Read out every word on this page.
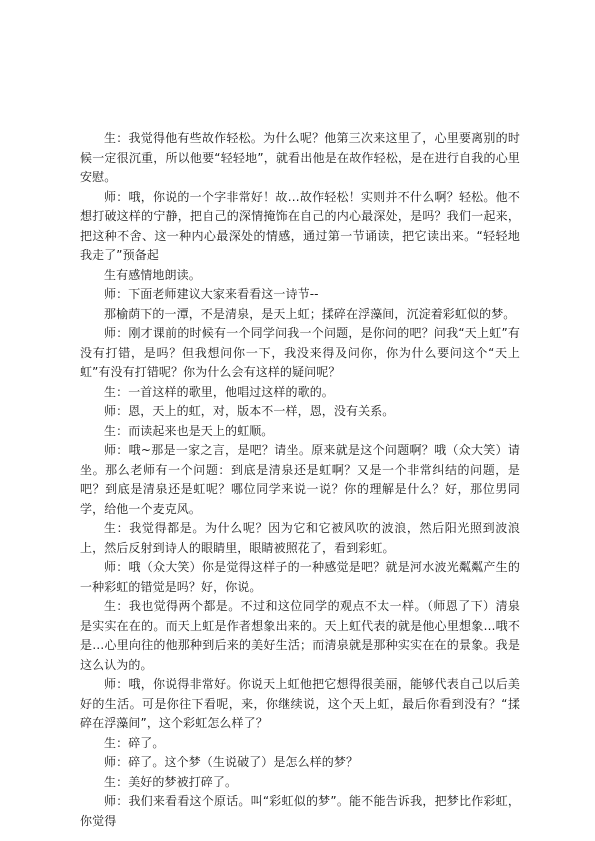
生：我觉得他有些故作轻松。为什么呢？他第三次来这里了，心里要离别的时候一定很沉重，所以他要“轻轻地”，就看出他是在故作轻松，是在进行自我的心里安慰。

师：哦，你说的一个字非常好！故…故作轻松！实则并不什么啊？轻松。他不想打破这样的宁静，把自己的深情掩饰在自己的内心最深处，是吗？我们一起来，把这种不舍、这一种内心最深处的情感，通过第一节诵读，把它读出来。“轻轻地我走了”预备起

生有感情地朗读。

师：下面老师建议大家来看看这一诗节--

那榆荫下的一潭，不是清泉，是天上虹；揉碎在浮藻间，沉淀着彩虹似的梦。

师：刚才课前的时候有一个同学问我一个问题，是你问的吧？问我“天上虹”有没有打错，是吗？但我想问你一下，我没来得及问你，你为什么要问这个“天上虹”有没有打错呢？你为什么会有这样的疑问呢？

生：一首这样的歌里，他唱过这样的歌的。

师：恩，天上的虹，对，版本不一样，恩，没有关系。

生：而读起来也是天上的虹顺。

师：哦~那是一家之言，是吧？请坐。原来就是这个问题啊？哦（众大笑）请坐。那么老师有一个问题：到底是清泉还是虹啊？又是一个非常纠结的问题，是吧？到底是清泉还是虹呢？哪位同学来说一说？你的理解是什么？好，那位男同学，给他一个麦克风。

生：我觉得都是。为什么呢？因为它和它被风吹的波浪，然后阳光照到波浪上，然后反射到诗人的眼睛里，眼睛被照花了，看到彩虹。

师：哦（众大笑）你是觉得这样子的一种感觉是吧？就是河水波光粼粼产生的一种彩虹的错觉是吗？好，你说。

生：我也觉得两个都是。不过和这位同学的观点不太一样。（师恩了下）清泉是实实在在的。而天上虹是作者想象出来的。天上虹代表的就是他心里想象…哦不是…心里向往的他那种到后来的美好生活；而清泉就是那种实实在在的景象。我是这么认为的。

师：哦，你说得非常好。你说天上虹他把它想得很美丽，能够代表自己以后美好的生活。可是你往下看呢，来，你继续说，这个天上虹，最后你看到没有？“揉碎在浮藻间”，这个彩虹怎么样了？

生：碎了。

师：碎了。这个梦（生说破了）是怎么样的梦？

生：美好的梦被打碎了。

师：我们来看看这个原话。叫“彩虹似的梦”。能不能告诉我，把梦比作彩虹，你觉得
